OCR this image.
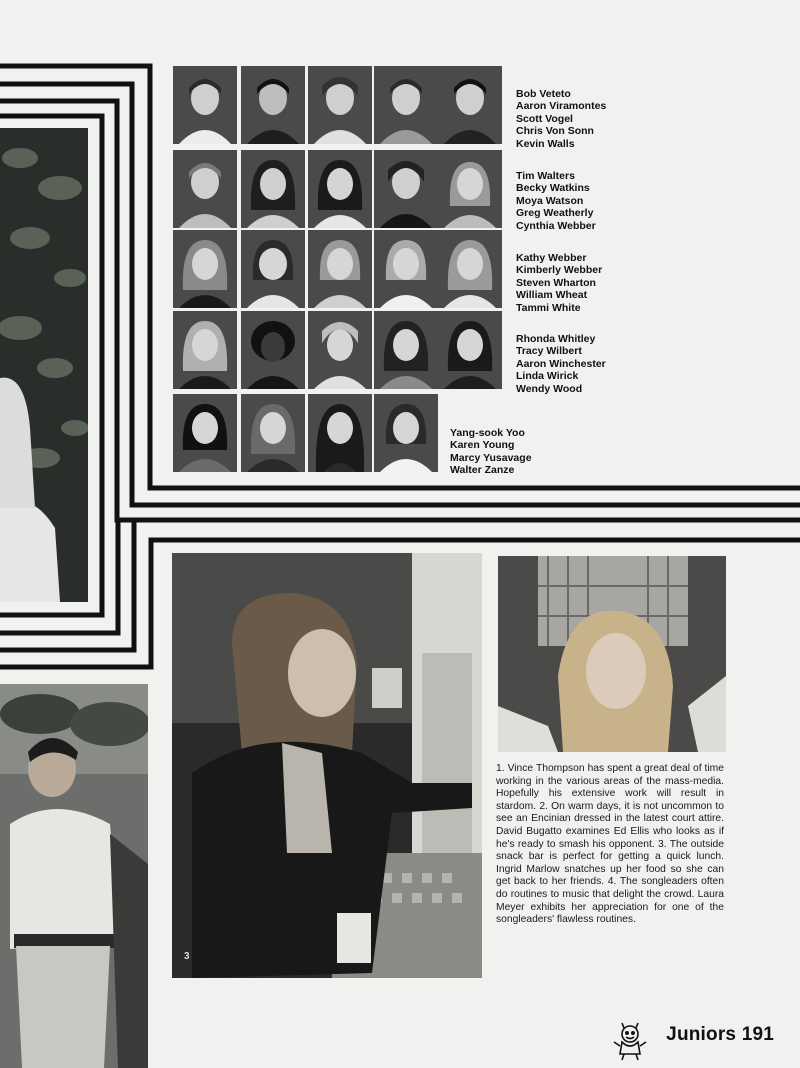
3
Bob Veteto
Aaron Viramontes
Scott Vogel
Chris Von Sonn
Kevin Walls
Tim Walters
Becky Watkins
Moya Watson
Greg Weatherly
Cynthia Webber
Kathy Webber
Kimberly Webber
Steven Wharton
William Wheat
Tammi White
Rhonda Whitley
Tracy Wilbert
Aaron Winchester
Linda Wirick
Wendy Wood
Yang-sook Yoo
Karen Young
Marcy Yusavage
Walter Zanze
1. Vince Thompson has spent a great deal of time working in the various areas of the mass-media. Hopefully his extensive work will result in stardom. 2. On warm days, it is not uncommon to see an Encinian dressed in the latest court attire. David Bugatto examines Ed Ellis who looks as if he's ready to smash his opponent. 3. The outside snack bar is perfect for getting a quick lunch. Ingrid Marlow snatches up her food so she can get back to her friends. 4. The songleaders often do routines to music that delight the crowd. Laura Meyer exhibits her appreciation for one of the songleaders' flawless routines.
Juniors 191
